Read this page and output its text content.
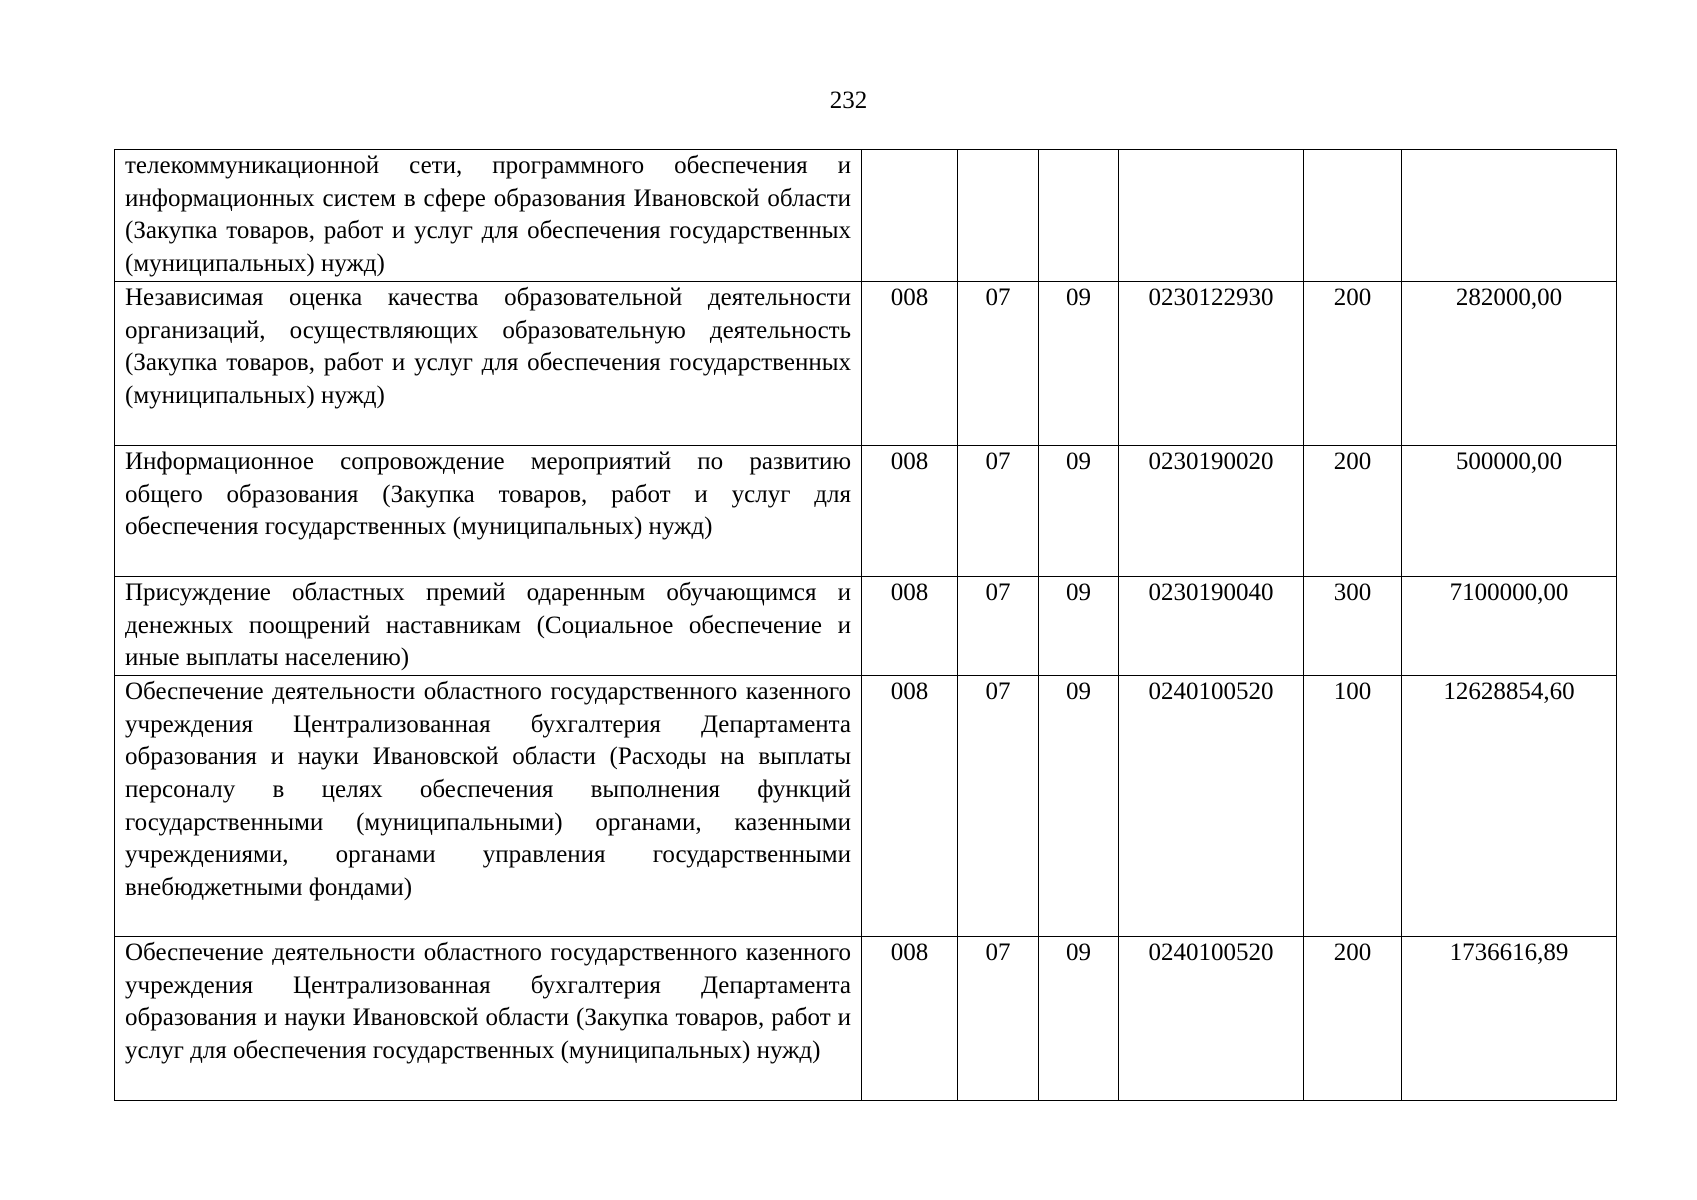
232
телекоммуникационной сети, программного обеспечения и информационных систем в сфере образования Ивановской области (Закупка товаров, работ и услуг для обеспечения государственных (муниципальных) нужд)						
Независимая оценка качества образовательной деятельности организаций, осуществляющих образовательную деятельность (Закупка товаров, работ и услуг для обеспечения государственных (муниципальных) нужд)	008	07	09	0230122930	200	282000,00
Информационное сопровождение мероприятий по развитию общего образования (Закупка товаров, работ и услуг для обеспечения государственных (муниципальных) нужд)	008	07	09	0230190020	200	500000,00
Присуждение областных премий одаренным обучающимся и денежных поощрений наставникам (Социальное обеспечение и иные выплаты населению)	008	07	09	0230190040	300	7100000,00
Обеспечение деятельности областного государственного казенного учреждения Централизованная бухгалтерия Департамента образования и науки Ивановской области (Расходы на выплаты персоналу в целях обеспечения выполнения функций государственными (муниципальными) органами, казенными учреждениями, органами управления государственными внебюджетными фондами)	008	07	09	0240100520	100	12628854,60
Обеспечение деятельности областного государственного казенного учреждения Централизованная бухгалтерия Департамента образования и науки Ивановской области (Закупка товаров, работ и услуг для обеспечения государственных (муниципальных) нужд)	008	07	09	0240100520	200	1736616,89
